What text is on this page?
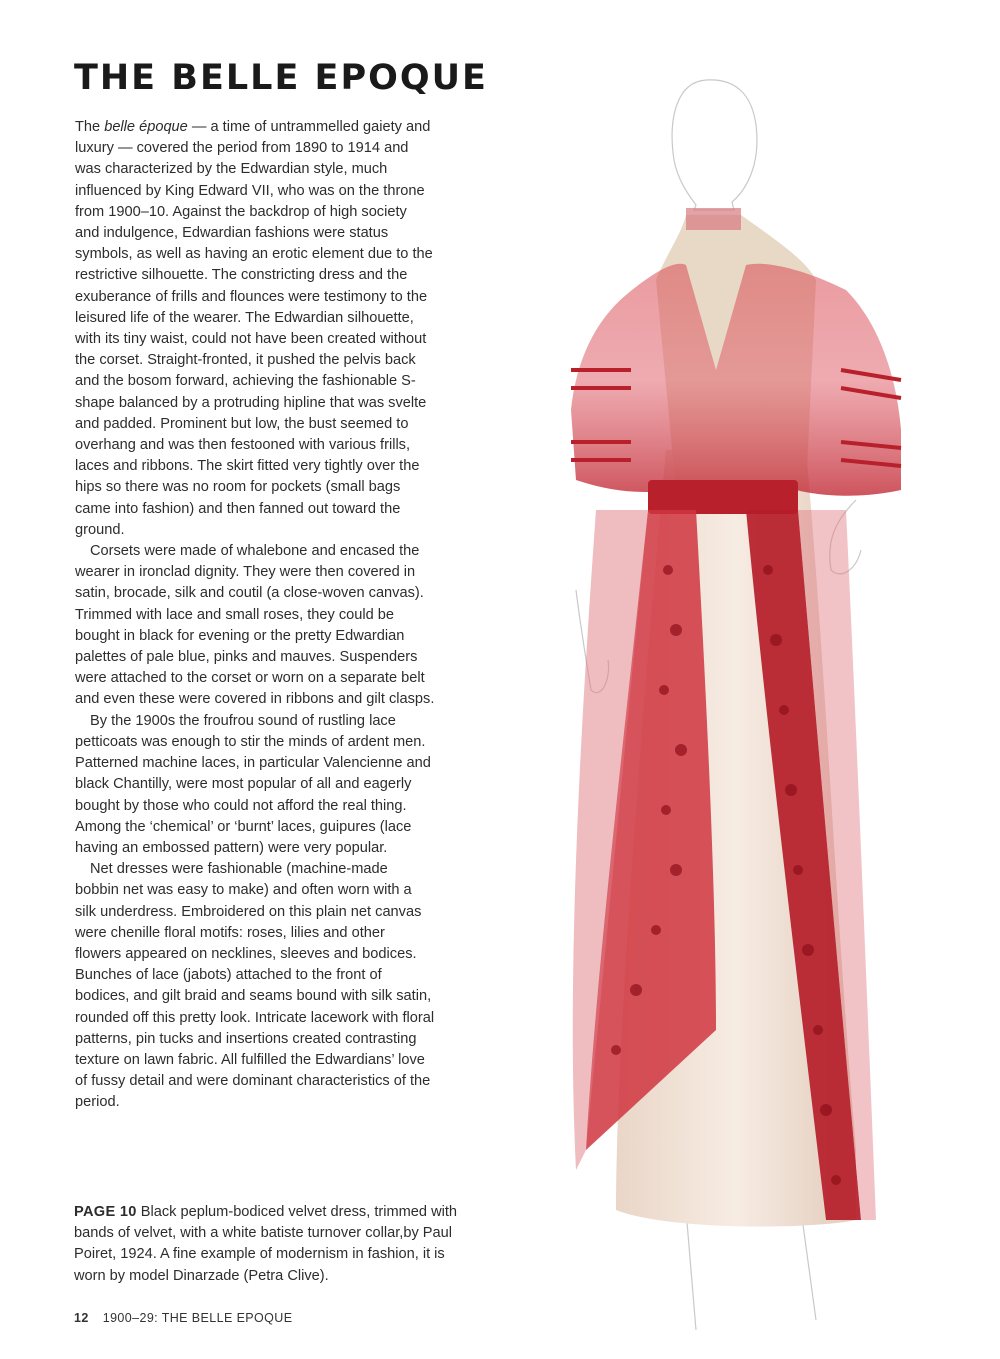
THE BELLE EPOQUE

The belle époque — a time of untrammelled gaiety and luxury — covered the period from 1890 to 1914 and was characterized by the Edwardian style, much influenced by King Edward VII, who was on the throne from 1900–10. Against the backdrop of high society and indulgence, Edwardian fashions were status symbols, as well as having an erotic element due to the restrictive silhouette. The constricting dress and the exuberance of frills and flounces were testimony to the leisured life of the wearer. The Edwardian silhouette, with its tiny waist, could not have been created without the corset. Straight-fronted, it pushed the pelvis back and the bosom forward, achieving the fashionable S-shape balanced by a protruding hipline that was svelte and padded. Prominent but low, the bust seemed to overhang and was then festooned with various frills, laces and ribbons. The skirt fitted very tightly over the hips so there was no room for pockets (small bags came into fashion) and then fanned out toward the ground.

Corsets were made of whalebone and encased the wearer in ironclad dignity. They were then covered in satin, brocade, silk and coutil (a close-woven canvas). Trimmed with lace and small roses, they could be bought in black for evening or the pretty Edwardian palettes of pale blue, pinks and mauves. Suspenders were attached to the corset or worn on a separate belt and even these were covered in ribbons and gilt clasps.

By the 1900s the froufrou sound of rustling lace petticoats was enough to stir the minds of ardent men. Patterned machine laces, in particular Valencienne and black Chantilly, were most popular of all and eagerly bought by those who could not afford the real thing. Among the ‘chemical’ or ‘burnt’ laces, guipures (lace having an embossed pattern) were very popular.

Net dresses were fashionable (machine-made bobbin net was easy to make) and often worn with a silk underdress. Embroidered on this plain net canvas were chenille floral motifs: roses, lilies and other flowers appeared on necklines, sleeves and bodices. Bunches of lace (jabots) attached to the front of bodices, and gilt braid and seams bound with silk satin, rounded off this pretty look. Intricate lacework with floral patterns, pin tucks and insertions created contrasting texture on lawn fabric. All fulfilled the Edwardians’ love of fussy detail and were dominant characteristics of the period.

PAGE 10 Black peplum-bodiced velvet dress, trimmed with bands of velvet, with a white batiste turnover collar,by Paul Poiret, 1924. A fine example of modernism in fashion, it is worn by model Dinarzade (Petra Clive).

12 1900–29: THE BELLE EPOQUE
